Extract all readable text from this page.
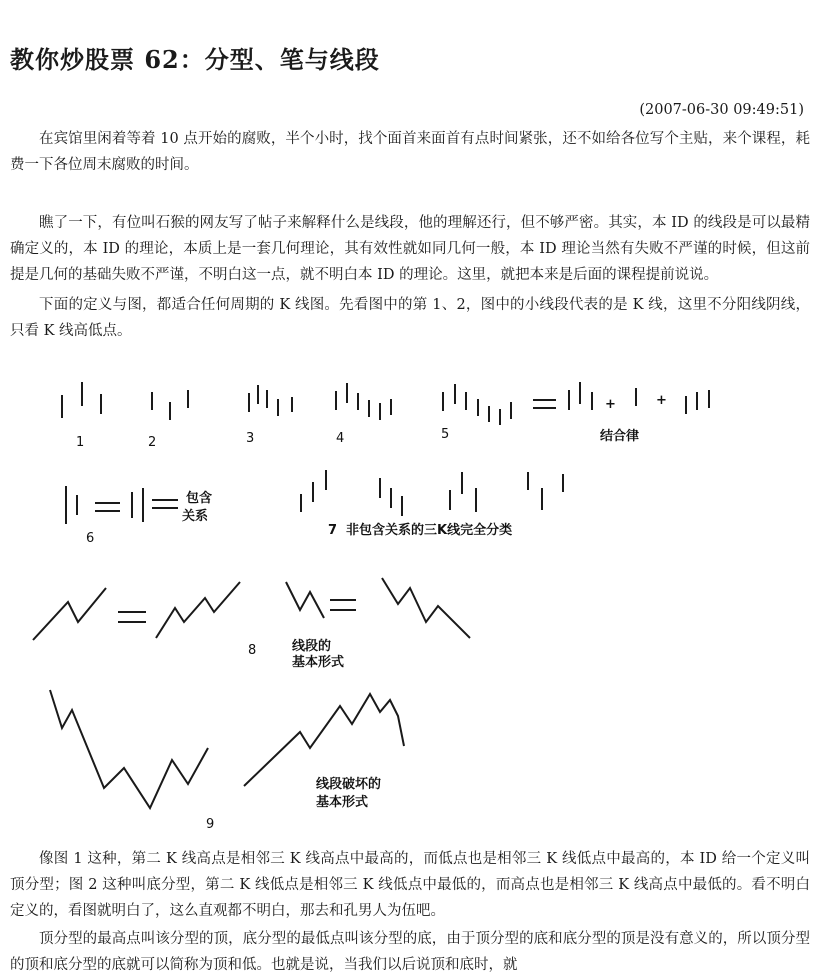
教你炒股票 62：分型、笔与线段
(2007-06-30 09:49:51)

在宾馆里闲着等着 10 点开始的腐败，半个小时，找个面首来面首有点时间紧张，还不如给各位写个主贴，来个课程，耗费一下各位周末腐败的时间。

瞧了一下，有位叫石猴的网友写了帖子来解释什么是线段，他的理解还行，但不够严密。其实，本 ID 的线段是可以最精确定义的，本 ID 的理论，本质上是一套几何理论，其有效性就如同几何一般，本 ID 理论当然有失败不严谨的时候，但这前提是几何的基础失败不严谨，不明白这一点，就不明白本 ID 的理论。这里，就把本来是后面的课程提前说说。

下面的定义与图，都适合任何周期的 K 线图。先看图中的第 1、2，图中的小线段代表的是 K 线，这里不分阳线阴线，只看 K 线高低点。

1	2	3	4	5
+	+
结合律
包含
关系
6
7 非包含关系的三K线完全分类
8	线段的
基本形式
线段破坏的
基本形式
9

像图 1 这种，第二 K 线高点是相邻三 K 线高点中最高的，而低点也是相邻三 K 线低点中最高的，本 ID 给一个定义叫顶分型；图 2 这种叫底分型，第二 K 线低点是相邻三 K 线低点中最低的，而高点也是相邻三 K 线高点中最低的。看不明白定义的，看图就明白了，这么直观都不明白，那去和孔男人为伍吧。

顶分型的最高点叫该分型的顶，底分型的最低点叫该分型的底，由于顶分型的底和底分型的顶是没有意义的，所以顶分型的顶和底分型的底就可以简称为顶和低。也就是说，当我们以后说顶和底时，就
